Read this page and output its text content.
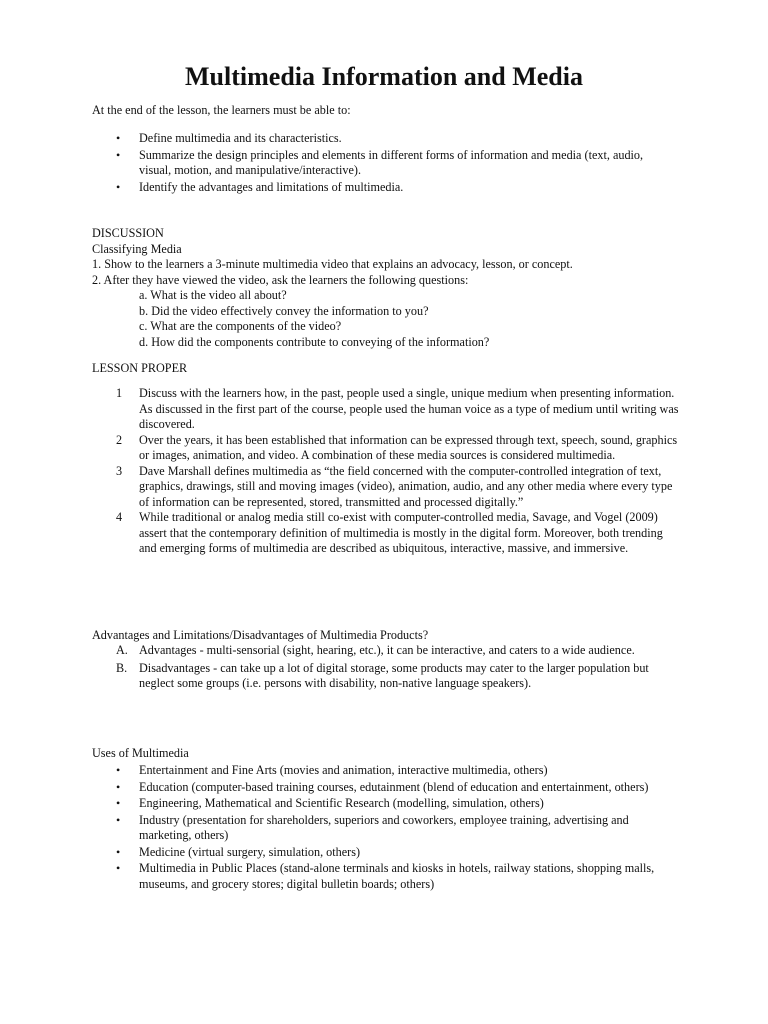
Multimedia Information and Media

At the end of the lesson, the learners must be able to:

• Define multimedia and its characteristics.
• Summarize the design principles and elements in different forms of information and media (text, audio, visual, motion, and manipulative/interactive).
• Identify the advantages and limitations of multimedia.

DISCUSSION

Classifying Media

1. Show to the learners a 3-minute multimedia video that explains an advocacy, lesson, or concept.

2. After they have viewed the video, ask the learners the following questions:

a. What is the video all about?

b. Did the video effectively convey the information to you?

c. What are the components of the video?

d. How did the components contribute to conveying of the information?

LESSON PROPER

1 Discuss with the learners how, in the past, people used a single, unique medium when presenting information. As discussed in the first part of the course, people used the human voice as a type of medium until writing was discovered.
2 Over the years, it has been established that information can be expressed through text, speech, sound, graphics or images, animation, and video. A combination of these media sources is considered multimedia.
3 Dave Marshall defines multimedia as “the field concerned with the computer-controlled integration of text, graphics, drawings, still and moving images (video), animation, audio, and any other media where every type of information can be represented, stored, transmitted and processed digitally.”
4 While traditional or analog media still co-exist with computer-controlled media, Savage, and Vogel (2009) assert that the contemporary definition of multimedia is mostly in the digital form. Moreover, both trending and emerging forms of multimedia are described as ubiquitous, interactive, massive, and immersive.

Advantages and Limitations/Disadvantages of Multimedia Products?

A. Advantages - multi-sensorial (sight, hearing, etc.), it can be interactive, and caters to a wide audience.
B. Disadvantages - can take up a lot of digital storage, some products may cater to the larger population but neglect some groups (i.e. persons with disability, non-native language speakers).

Uses of Multimedia

• Entertainment and Fine Arts (movies and animation, interactive multimedia, others)
• Education (computer-based training courses, edutainment (blend of education and entertainment, others)
• Engineering, Mathematical and Scientific Research (modelling, simulation, others)
• Industry (presentation for shareholders, superiors and coworkers, employee training, advertising and marketing, others)
• Medicine (virtual surgery, simulation, others)
• Multimedia in Public Places (stand-alone terminals and kiosks in hotels, railway stations, shopping malls, museums, and grocery stores; digital bulletin boards; others)
